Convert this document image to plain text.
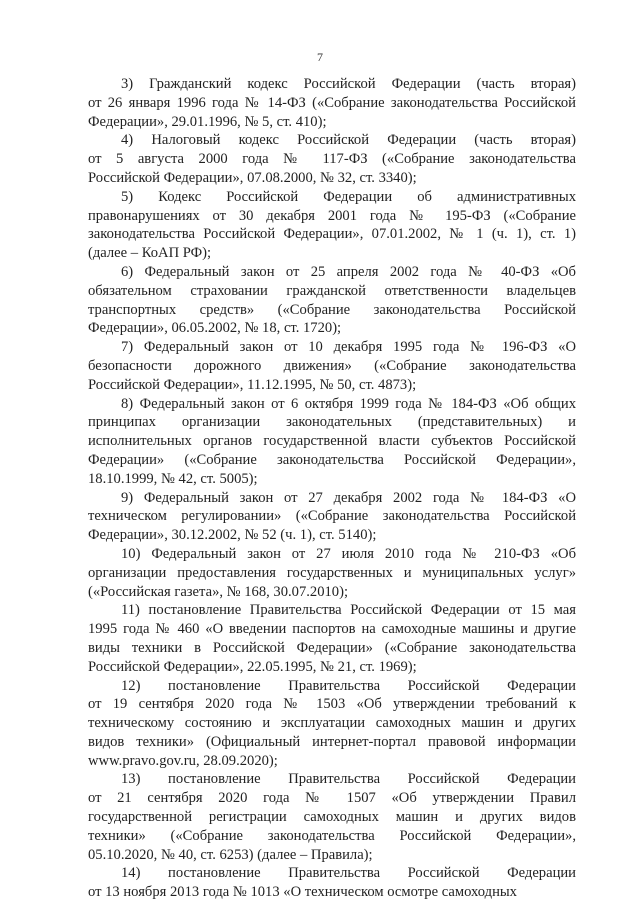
7
3) Гражданский кодекс Российской Федерации (часть вторая)
от 26 января 1996 года № 14-ФЗ («Собрание законодательства Российской
Федерации», 29.01.1996, № 5, ст. 410);
4) Налоговый кодекс Российской Федерации (часть вторая)
от 5 августа 2000 года № 117-ФЗ («Собрание законодательства
Российской Федерации», 07.08.2000, № 32, ст. 3340);
5) Кодекс Российской Федерации об административных
правонарушениях от 30 декабря 2001 года № 195-ФЗ («Собрание
законодательства Российской Федерации», 07.01.2002, № 1 (ч. 1), ст. 1)
(далее – КоАП РФ);
6) Федеральный закон от 25 апреля 2002 года № 40-ФЗ «Об
обязательном страховании гражданской ответственности владельцев
транспортных средств» («Собрание законодательства Российской
Федерации», 06.05.2002, № 18, ст. 1720);
7) Федеральный закон от 10 декабря 1995 года № 196-ФЗ «О
безопасности дорожного движения» («Собрание законодательства
Российской Федерации», 11.12.1995, № 50, ст. 4873);
8) Федеральный закон от 6 октября 1999 года № 184-ФЗ «Об общих
принципах организации законодательных (представительных) и
исполнительных органов государственной власти субъектов Российской
Федерации» («Собрание законодательства Российской Федерации»,
18.10.1999, № 42, ст. 5005);
9) Федеральный закон от 27 декабря 2002 года № 184-ФЗ «О
техническом регулировании» («Собрание законодательства Российской
Федерации», 30.12.2002, № 52 (ч. 1), ст. 5140);
10) Федеральный закон от 27 июля 2010 года № 210-ФЗ «Об
организации предоставления государственных и муниципальных услуг»
(«Российская газета», № 168, 30.07.2010);
11) постановление Правительства Российской Федерации от 15 мая
1995 года № 460 «О введении паспортов на самоходные машины и другие
виды техники в Российской Федерации» («Собрание законодательства
Российской Федерации», 22.05.1995, № 21, ст. 1969);
12) постановление Правительства Российской Федерации
от 19 сентября 2020 года № 1503 «Об утверждении требований к
техническому состоянию и эксплуатации самоходных машин и других
видов техники» (Официальный интернет-портал правовой информации
www.pravo.gov.ru, 28.09.2020);
13) постановление Правительства Российской Федерации
от 21 сентября 2020 года № 1507 «Об утверждении Правил
государственной регистрации самоходных машин и других видов
техники» («Собрание законодательства Российской Федерации»,
05.10.2020, № 40, ст. 6253) (далее – Правила);
14) постановление Правительства Российской Федерации
от 13 ноября 2013 года № 1013 «О техническом осмотре самоходных
